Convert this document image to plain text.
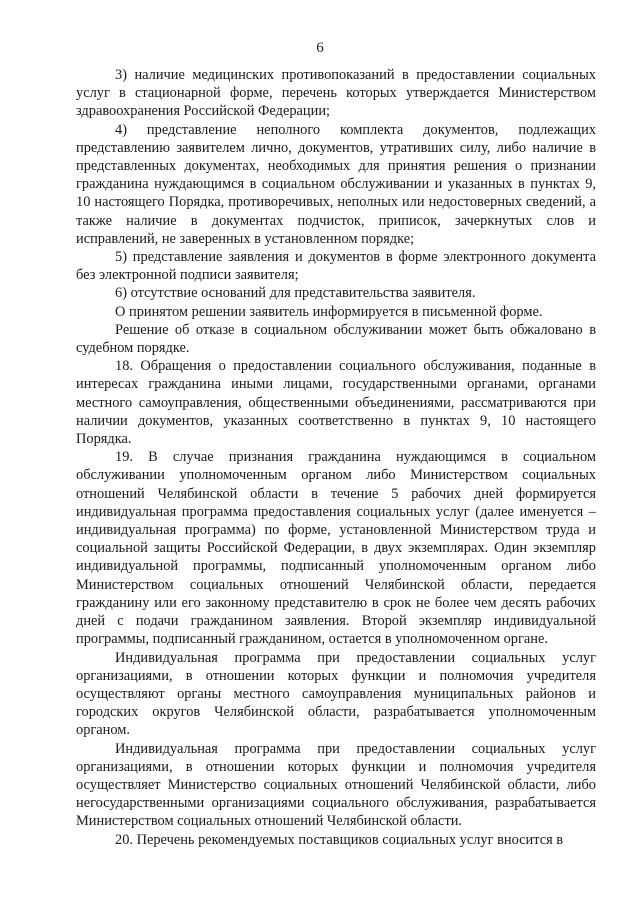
6

3) наличие медицинских противопоказаний в предоставлении социальных услуг в стационарной форме, перечень которых утверждается Министерством здравоохранения Российской Федерации;

4) представление неполного комплекта документов, подлежащих представлению заявителем лично, документов, утративших силу, либо наличие в представленных документах, необходимых для принятия решения о признании гражданина нуждающимся в социальном обслуживании и указанных в пунктах 9, 10 настоящего Порядка, противоречивых, неполных или недостоверных сведений, а также наличие в документах подчисток, приписок, зачеркнутых слов и исправлений, не заверенных в установленном порядке;

5) представление заявления и документов в форме электронного документа без электронной подписи заявителя;

6) отсутствие оснований для представительства заявителя.

О принятом решении заявитель информируется в письменной форме.

Решение об отказе в социальном обслуживании может быть обжаловано в судебном порядке.

18. Обращения о предоставлении социального обслуживания, поданные в интересах гражданина иными лицами, государственными органами, органами местного самоуправления, общественными объединениями, рассматриваются при наличии документов, указанных соответственно в пунктах 9, 10 настоящего Порядка.

19. В случае признания гражданина нуждающимся в социальном обслуживании уполномоченным органом либо Министерством социальных отношений Челябинской области в течение 5 рабочих дней формируется индивидуальная программа предоставления социальных услуг (далее именуется – индивидуальная программа) по форме, установленной Министерством труда и социальной защиты Российской Федерации, в двух экземплярах. Один экземпляр индивидуальной программы, подписанный уполномоченным органом либо Министерством социальных отношений Челябинской области, передается гражданину или его законному представителю в срок не более чем десять рабочих дней с подачи гражданином заявления. Второй экземпляр индивидуальной программы, подписанный гражданином, остается в уполномоченном органе.

Индивидуальная программа при предоставлении социальных услуг организациями, в отношении которых функции и полномочия учредителя осуществляют органы местного самоуправления муниципальных районов и городских округов Челябинской области, разрабатывается уполномоченным органом.

Индивидуальная программа при предоставлении социальных услуг организациями, в отношении которых функции и полномочия учредителя осуществляет Министерство социальных отношений Челябинской области, либо негосударственными организациями социального обслуживания, разрабатывается Министерством социальных отношений Челябинской области.

20. Перечень рекомендуемых поставщиков социальных услуг вносится в
